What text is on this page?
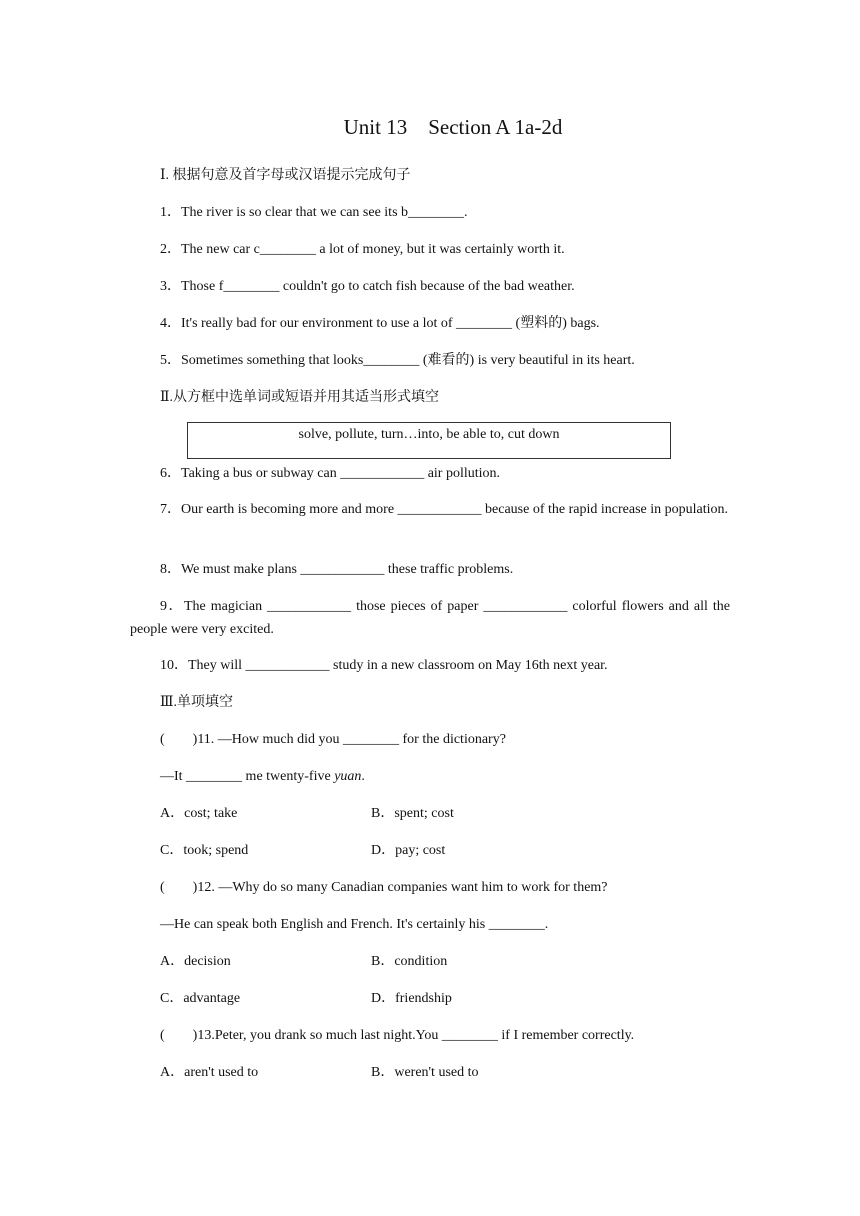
Unit 13    Section A 1a-2d
Ⅰ. 根据句意及首字母或汉语提示完成句子
1．The river is so clear that we can see its b________.
2．The new car c________ a lot of money, but it was certainly worth it.
3．Those f________ couldn't go to catch fish because of the bad weather.
4．It's really bad for our environment to use a lot of ________ (塑料的) bags.
5．Sometimes something that looks________ (难看的) is very beautiful in its heart.
Ⅱ.从方框中选单词或短语并用其适当形式填空
solve, pollute, turn…into, be able to, cut down
6．Taking a bus or subway can ____________ air pollution.
7．Our earth is becoming more and more ____________ because of the rapid increase in population.
8．We must make plans ____________ these traffic problems.
9．The magician ____________ those pieces of paper ____________ colorful flowers and all the people were very excited.
10．They will ____________ study in a new classroom on May 16th next year.
Ⅲ.单项填空
(　　)11. —How much did you ________ for the dictionary?
—It ________ me twenty-five yuan.
A．cost; take	B．spent; cost
C．took; spend	D．pay; cost
(　　)12. —Why do so many Canadian companies want him to work for them?
—He can speak both English and French. It's certainly his ________.
A．decision	B．condition
C．advantage	D．friendship
(　　)13.Peter, you drank so much last night.You ________ if I remember correctly.
A．aren't used to	B．weren't used to
